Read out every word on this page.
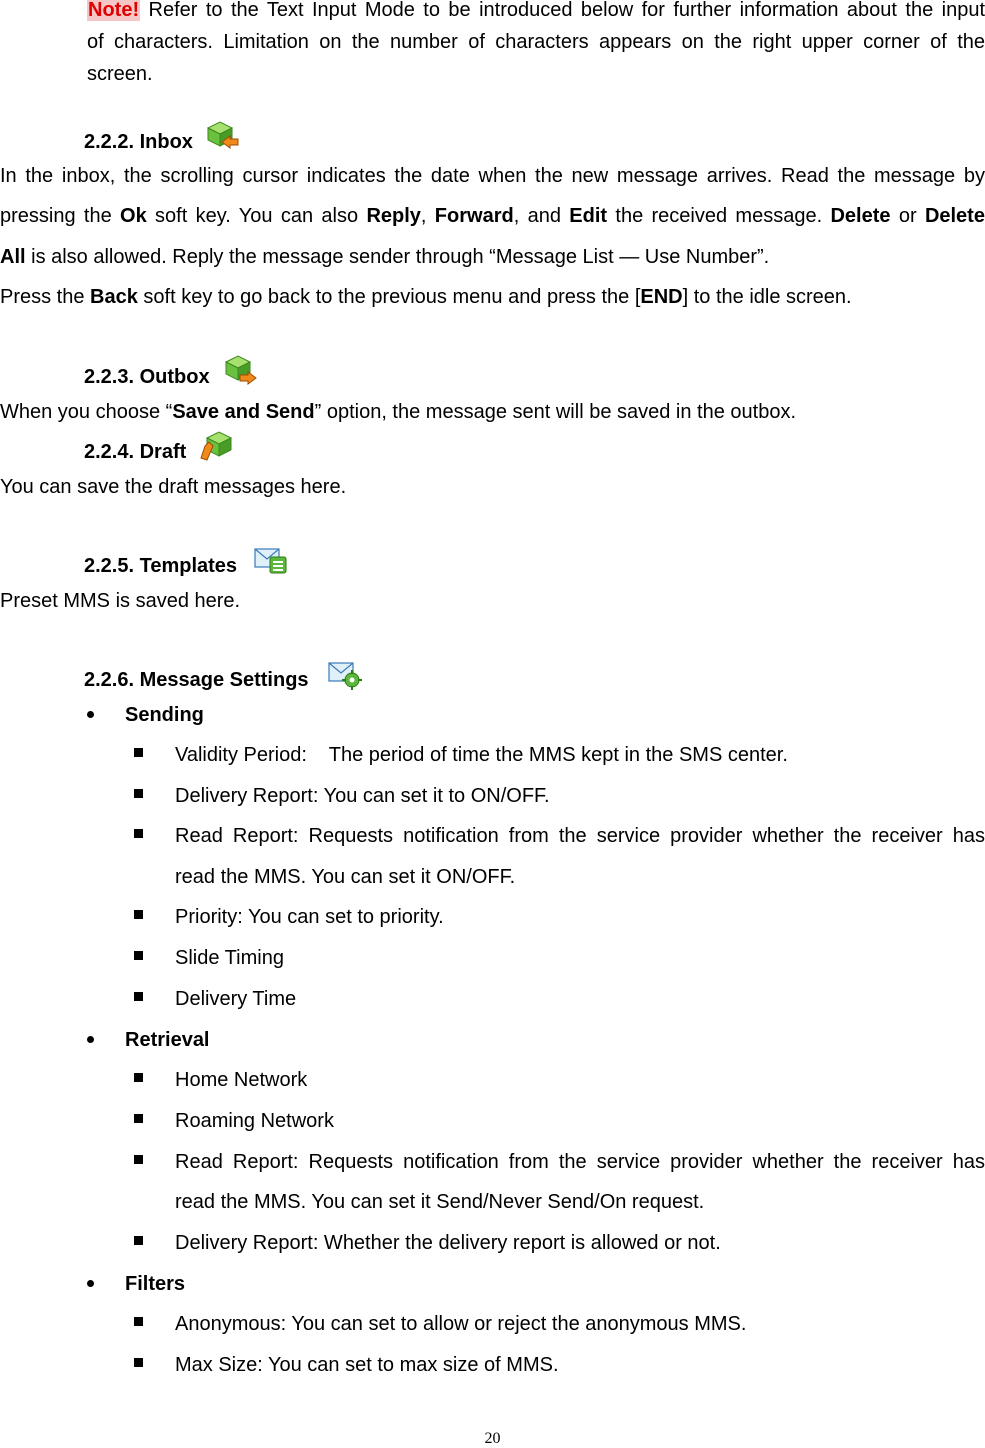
Note! Refer to the Text Input Mode to be introduced below for further information about the input
of characters. Limitation on the number of characters appears on the right upper corner of the
screen.
2.2.2. Inbox
In the inbox, the scrolling cursor indicates the date when the new message arrives. Read the message by
pressing the Ok soft key. You can also Reply, Forward, and Edit the received message. Delete or Delete
All is also allowed. Reply the message sender through “Message List — Use Number”.
Press the Back soft key to go back to the previous menu and press the [END] to the idle screen.
2.2.3. Outbox
When you choose “Save and Send” option, the message sent will be saved in the outbox.
2.2.4. Draft
You can save the draft messages here.
2.2.5. Templates
Preset MMS is saved here.
2.2.6. Message Settings
Sending
Validity Period:    The period of time the MMS kept in the SMS center.
Delivery Report: You can set it to ON/OFF.
Read Report: Requests notification from the service provider whether the receiver has
read the MMS. You can set it ON/OFF.
Priority: You can set to priority.
Slide Timing
Delivery Time
Retrieval
Home Network
Roaming Network
Read Report: Requests notification from the service provider whether the receiver has
read the MMS. You can set it Send/Never Send/On request.
Delivery Report: Whether the delivery report is allowed or not.
Filters
Anonymous: You can set to allow or reject the anonymous MMS.
Max Size: You can set to max size of MMS.
20
